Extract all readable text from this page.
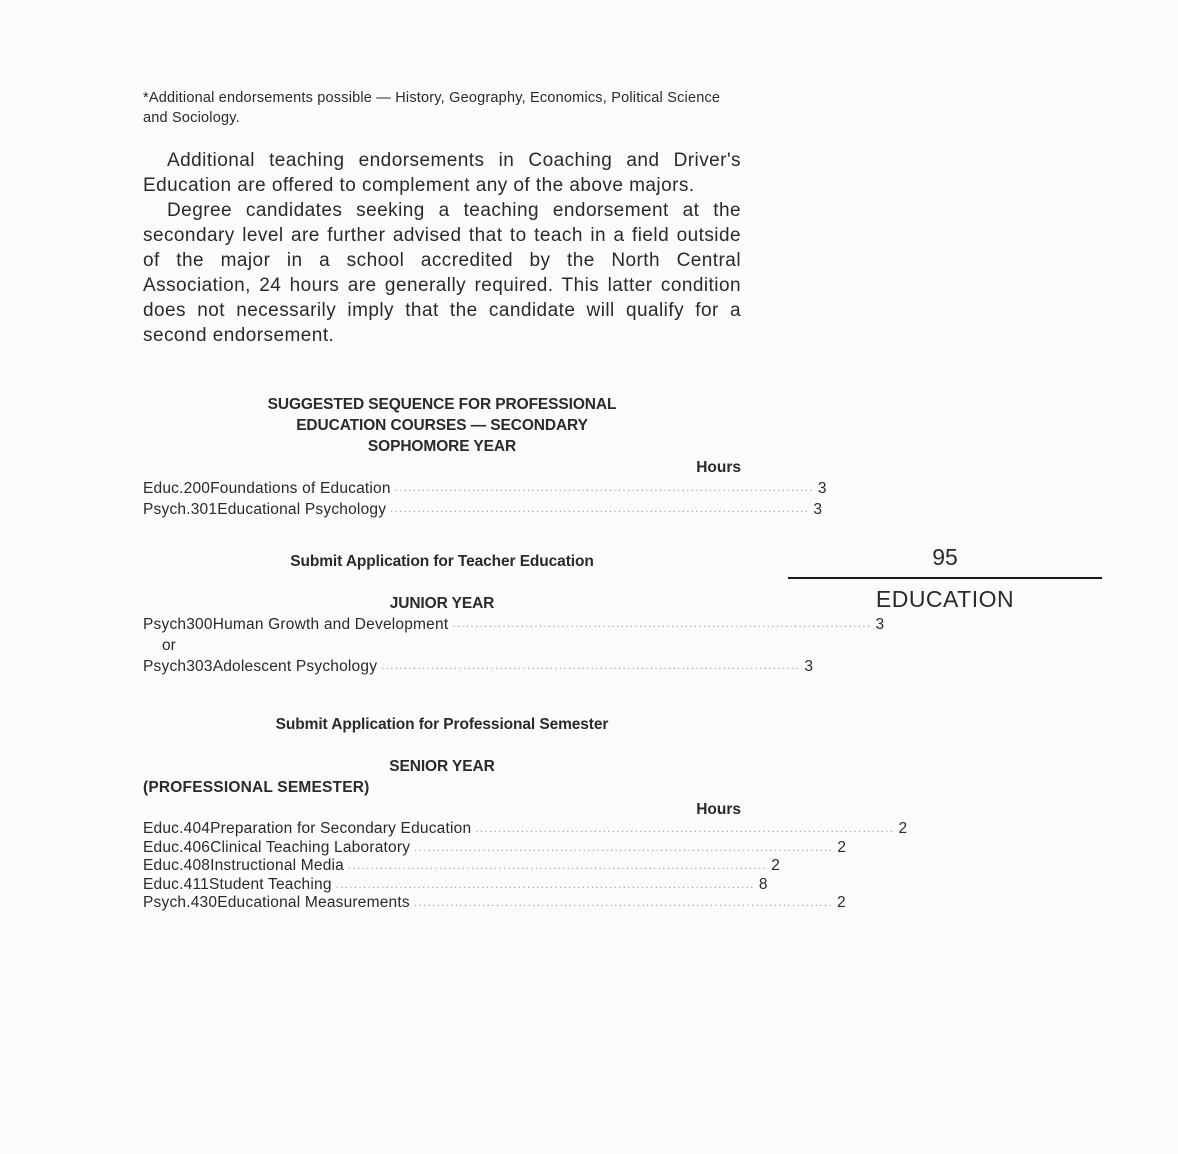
*Additional endorsements possible — History, Geography, Economics, Political Science and Sociology.

Additional teaching endorsements in Coaching and Driver's Education are offered to complement any of the above majors.

Degree candidates seeking a teaching endorsement at the secondary level are further advised that to teach in a field outside of the major in a school accredited by the North Central Association, 24 hours are generally required. This latter condition does not necessarily imply that the candidate will qualify for a second endorsement.

SUGGESTED SEQUENCE FOR PROFESSIONAL

EDUCATION COURSES — SECONDARY

SOPHOMORE YEAR

Hours

Educ. 200 Foundations of Education ............................................................................................ 3
Psych. 301 Educational Psychology ............................................................................................ 3

Submit Application for Teacher Education

JUNIOR YEAR

Psych 300 Human Growth and Development ............................................................................................ 3
or
Psych 303 Adolescent Psychology ............................................................................................ 3

Submit Application for Professional Semester

SENIOR YEAR

(PROFESSIONAL SEMESTER)

Hours

Educ. 404 Preparation for Secondary Education ............................................................................................ 2
Educ. 406 Clinical Teaching Laboratory ............................................................................................ 2
Educ. 408 Instructional Media ............................................................................................ 2
Educ. 411 Student Teaching ............................................................................................ 8
Psych. 430 Educational Measurements ............................................................................................ 2
95
EDUCATION
